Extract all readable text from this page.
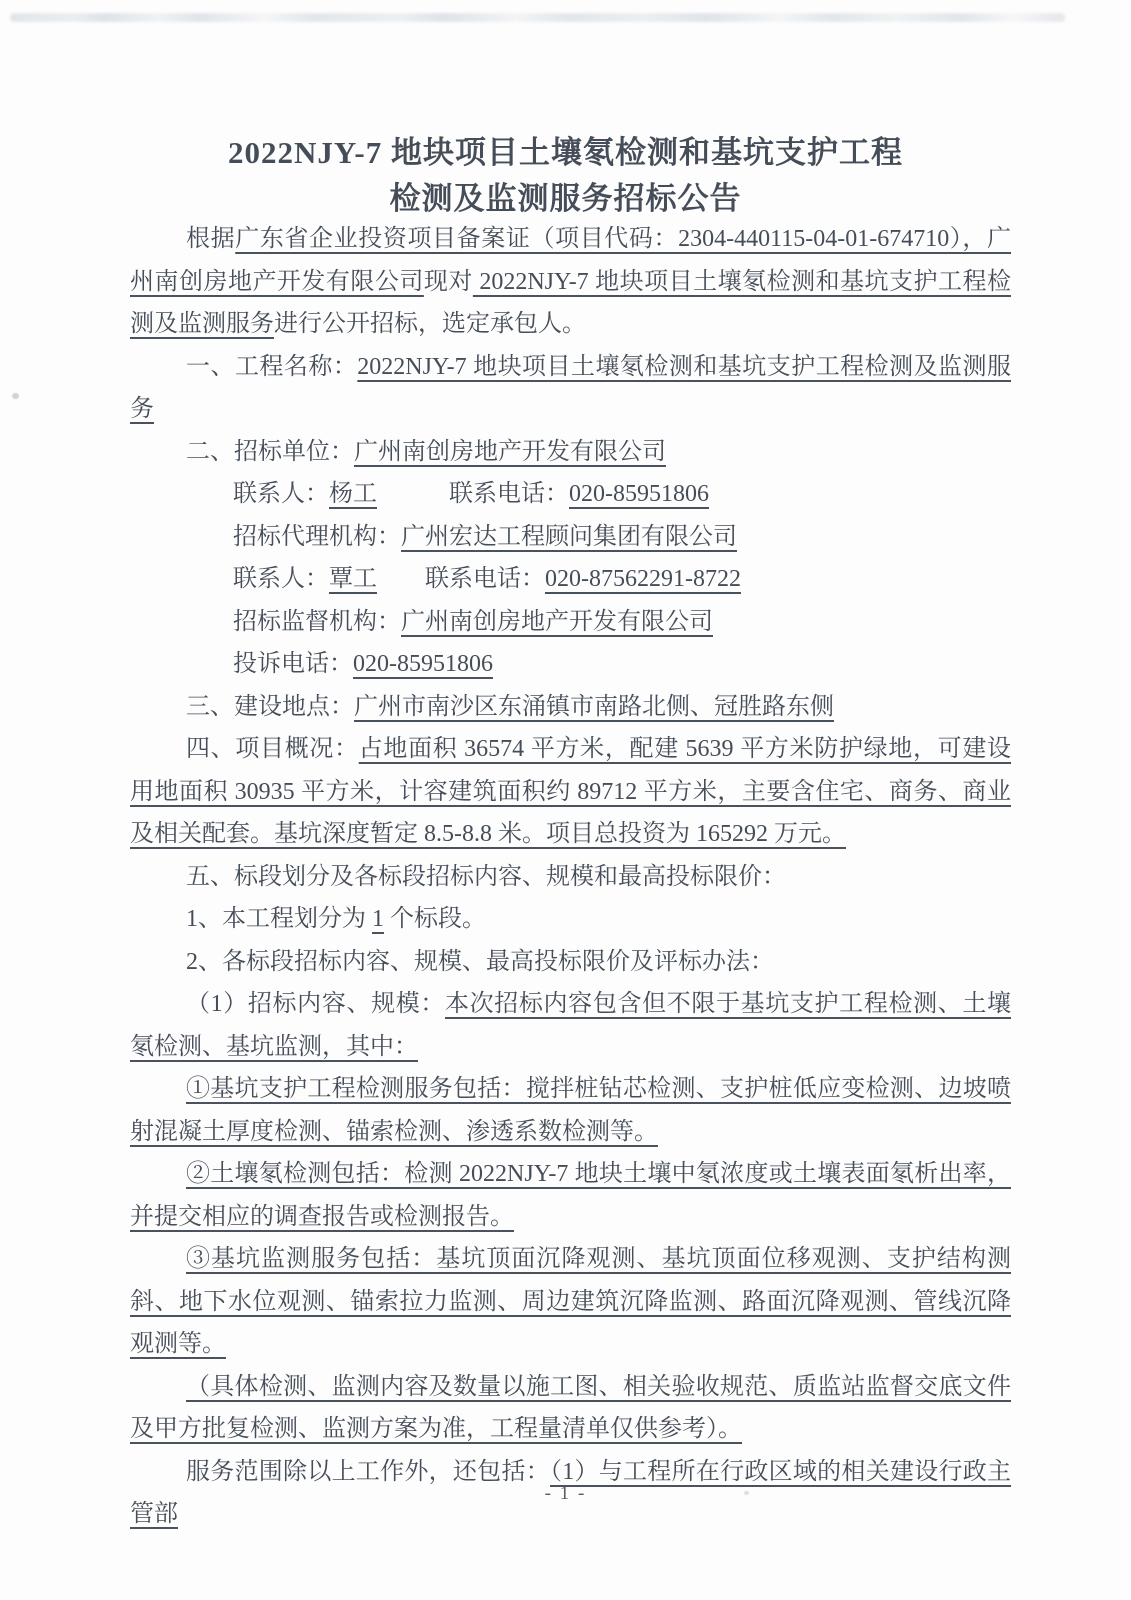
2022NJY-7 地块项目土壤氡检测和基坑支护工程
检测及监测服务招标公告

根据广东省企业投资项目备案证（项目代码：2304-440115-04-01-674710），广州南创房地产开发有限公司现对 2022NJY-7 地块项目土壤氡检测和基坑支护工程检测及监测服务进行公开招标，选定承包人。

一、工程名称：2022NJY-7 地块项目土壤氡检测和基坑支护工程检测及监测服务

二、招标单位：广州南创房地产开发有限公司

联系人：杨工　　　联系电话：020-85951806

招标代理机构：广州宏达工程顾问集团有限公司

联系人：覃工　　联系电话：020-87562291-8722

招标监督机构：广州南创房地产开发有限公司

投诉电话：020-85951806

三、建设地点：广州市南沙区东涌镇市南路北侧、冠胜路东侧

四、项目概况：占地面积 36574 平方米，配建 5639 平方米防护绿地，可建设用地面积 30935 平方米，计容建筑面积约 89712 平方米，主要含住宅、商务、商业及相关配套。基坑深度暂定 8.5-8.8 米。项目总投资为 165292 万元。

五、标段划分及各标段招标内容、规模和最高投标限价：

1、本工程划分为 1 个标段。

2、各标段招标内容、规模、最高投标限价及评标办法：

（1）招标内容、规模：本次招标内容包含但不限于基坑支护工程检测、土壤氡检测、基坑监测，其中：

①基坑支护工程检测服务包括：搅拌桩钻芯检测、支护桩低应变检测、边坡喷射混凝土厚度检测、锚索检测、渗透系数检测等。

②土壤氡检测包括：检测 2022NJY-7 地块土壤中氡浓度或土壤表面氡析出率，并提交相应的调查报告或检测报告。

③基坑监测服务包括：基坑顶面沉降观测、基坑顶面位移观测、支护结构测斜、地下水位观测、锚索拉力监测、周边建筑沉降监测、路面沉降观测、管线沉降观测等。

（具体检测、监测内容及数量以施工图、相关验收规范、质监站监督交底文件及甲方批复检测、监测方案为准，工程量清单仅供参考）。

服务范围除以上工作外，还包括：（1）与工程所在行政区域的相关建设行政主管部

- 1 -
